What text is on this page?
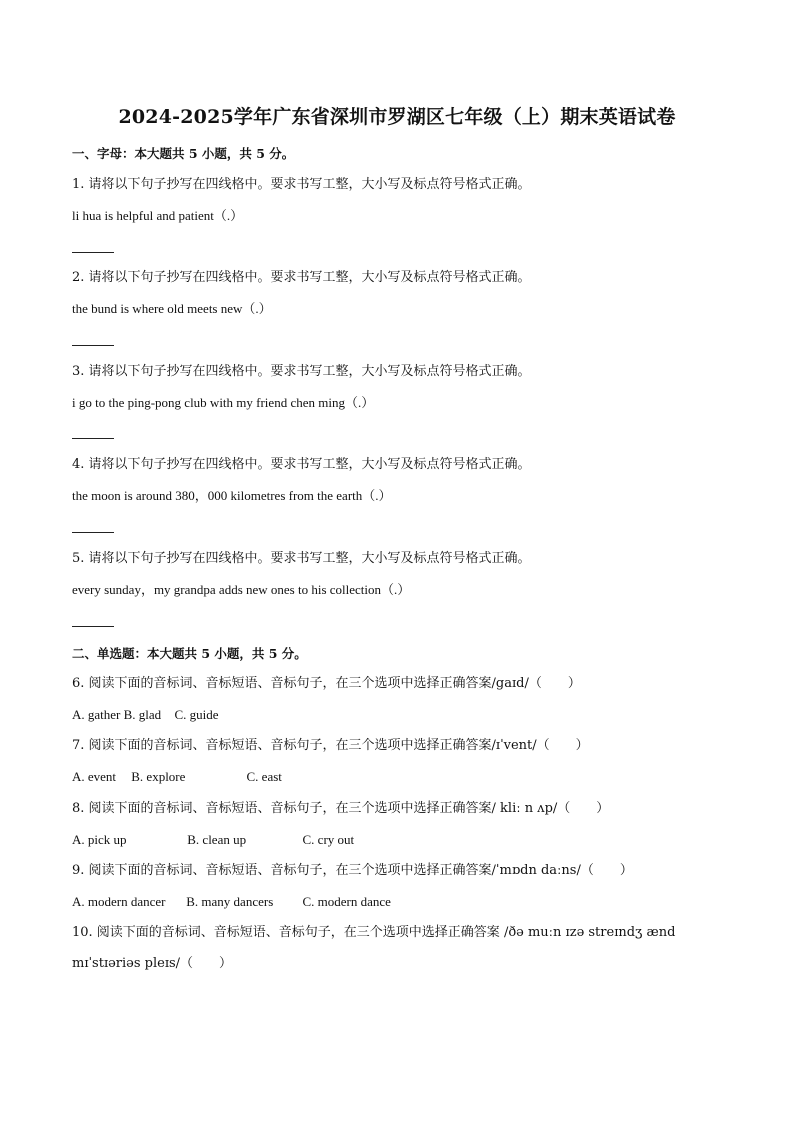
2024-2025学年广东省深圳市罗湖区七年级（上）期末英语试卷
一、字母：本大题共 5 小题，共 5 分。
1. 请将以下句子抄写在四线格中。要求书写工整，大小写及标点符号格式正确。
li hua is helpful and patient（.）
2. 请将以下句子抄写在四线格中。要求书写工整，大小写及标点符号格式正确。
the bund is where old meets new（.）
3. 请将以下句子抄写在四线格中。要求书写工整，大小写及标点符号格式正确。
i go to the ping-pong club with my friend chen ming（.）
4. 请将以下句子抄写在四线格中。要求书写工整，大小写及标点符号格式正确。
the moon is around 380，000 kilometres from the earth（.）
5. 请将以下句子抄写在四线格中。要求书写工整，大小写及标点符号格式正确。
every sunday，my grandpa adds new ones to his collection（.）
二、单选题：本大题共 5 小题，共 5 分。
6. 阅读下面的音标词、音标短语、音标句子，在三个选项中选择正确答案/gaɪd/（　　）
A. gather B. glad C. guide
7. 阅读下面的音标词、音标短语、音标句子，在三个选项中选择正确答案/ɪˈvent/（　　）
A. event B. explore	C. east
8. 阅读下面的音标词、音标短语、音标句子，在三个选项中选择正确答案/ kliː n ʌp/（　　）
A. pick up	B. clean up	C. cry out
9. 阅读下面的音标词、音标短语、音标句子，在三个选项中选择正确答案/ˈmɒdn daːns/（　　）
A. modern dancer B. many dancers C. modern dance
10. 阅读下面的音标词、音标短语、音标句子，在三个选项中选择正确答案 /ðə muːn ɪzə streɪndʒ ænd
mɪˈstɪəriəs pleɪs/（　　）
